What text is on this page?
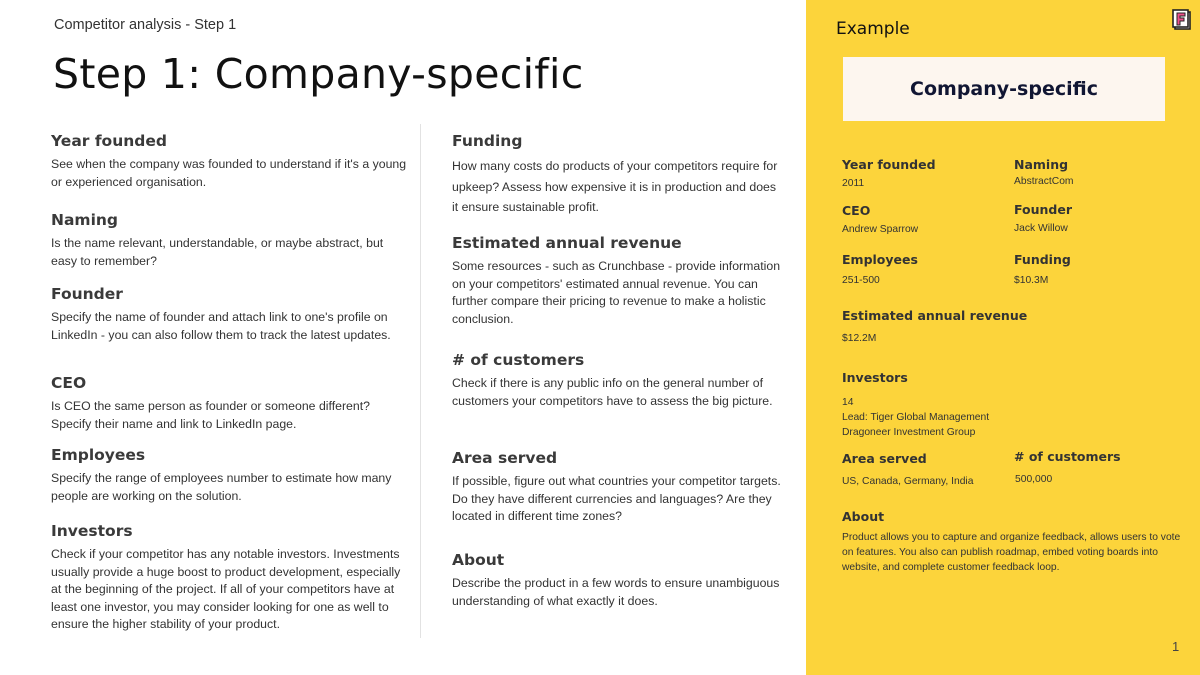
Competitor analysis - Step 1
Step 1: Company-specific
Year founded

See when the company was founded to understand if it's a young or experienced organisation.

Naming

Is the name relevant, understandable, or maybe abstract, but easy to remember?

Founder

Specify the name of founder and attach link to one's profile on LinkedIn - you can also follow them to track the latest updates.

CEO

Is CEO the same person as founder or someone different? Specify their name and link to LinkedIn page.

Employees

Specify the range of employees number to estimate how many people are working on the solution.

Investors

Check if your competitor has any notable investors. Investments usually provide a huge boost to product development, especially at the beginning of the project. If all of your competitors have at least one investor, you may consider looking for one as well to ensure the higher stability of your product.

Funding

How many costs do products of your competitors require for upkeep? Assess how expensive it is in production and does it ensure sustainable profit.

Estimated annual revenue

Some resources - such as Crunchbase - provide information on your competitors' estimated annual revenue. You can further compare their pricing to revenue to make a holistic conclusion.

# of customers

Check if there is any public info on the general number of customers your competitors have to assess the big picture.

Area served

If possible, figure out what countries your competitor targets. Do they have different currencies and languages? Are they located in different time zones?

About

Describe the product in a few words to ensure unambiguous understanding of what exactly it does.

Example
Company-specific
Year founded
2011
Naming
AbstractCom
CEO
Andrew Sparrow
Founder
Jack Willow
Employees
251-500
Funding
$10.3M
Estimated annual revenue
$12.2M
Investors
14
Lead: Tiger Global Management
Dragoneer Investment Group
Area served
US, Canada, Germany, India
# of customers
500,000
About
Product allows you to capture and organize feedback, allows users to vote on features. You also can publish roadmap, embed voting boards into website, and complete customer feedback loop.
1
